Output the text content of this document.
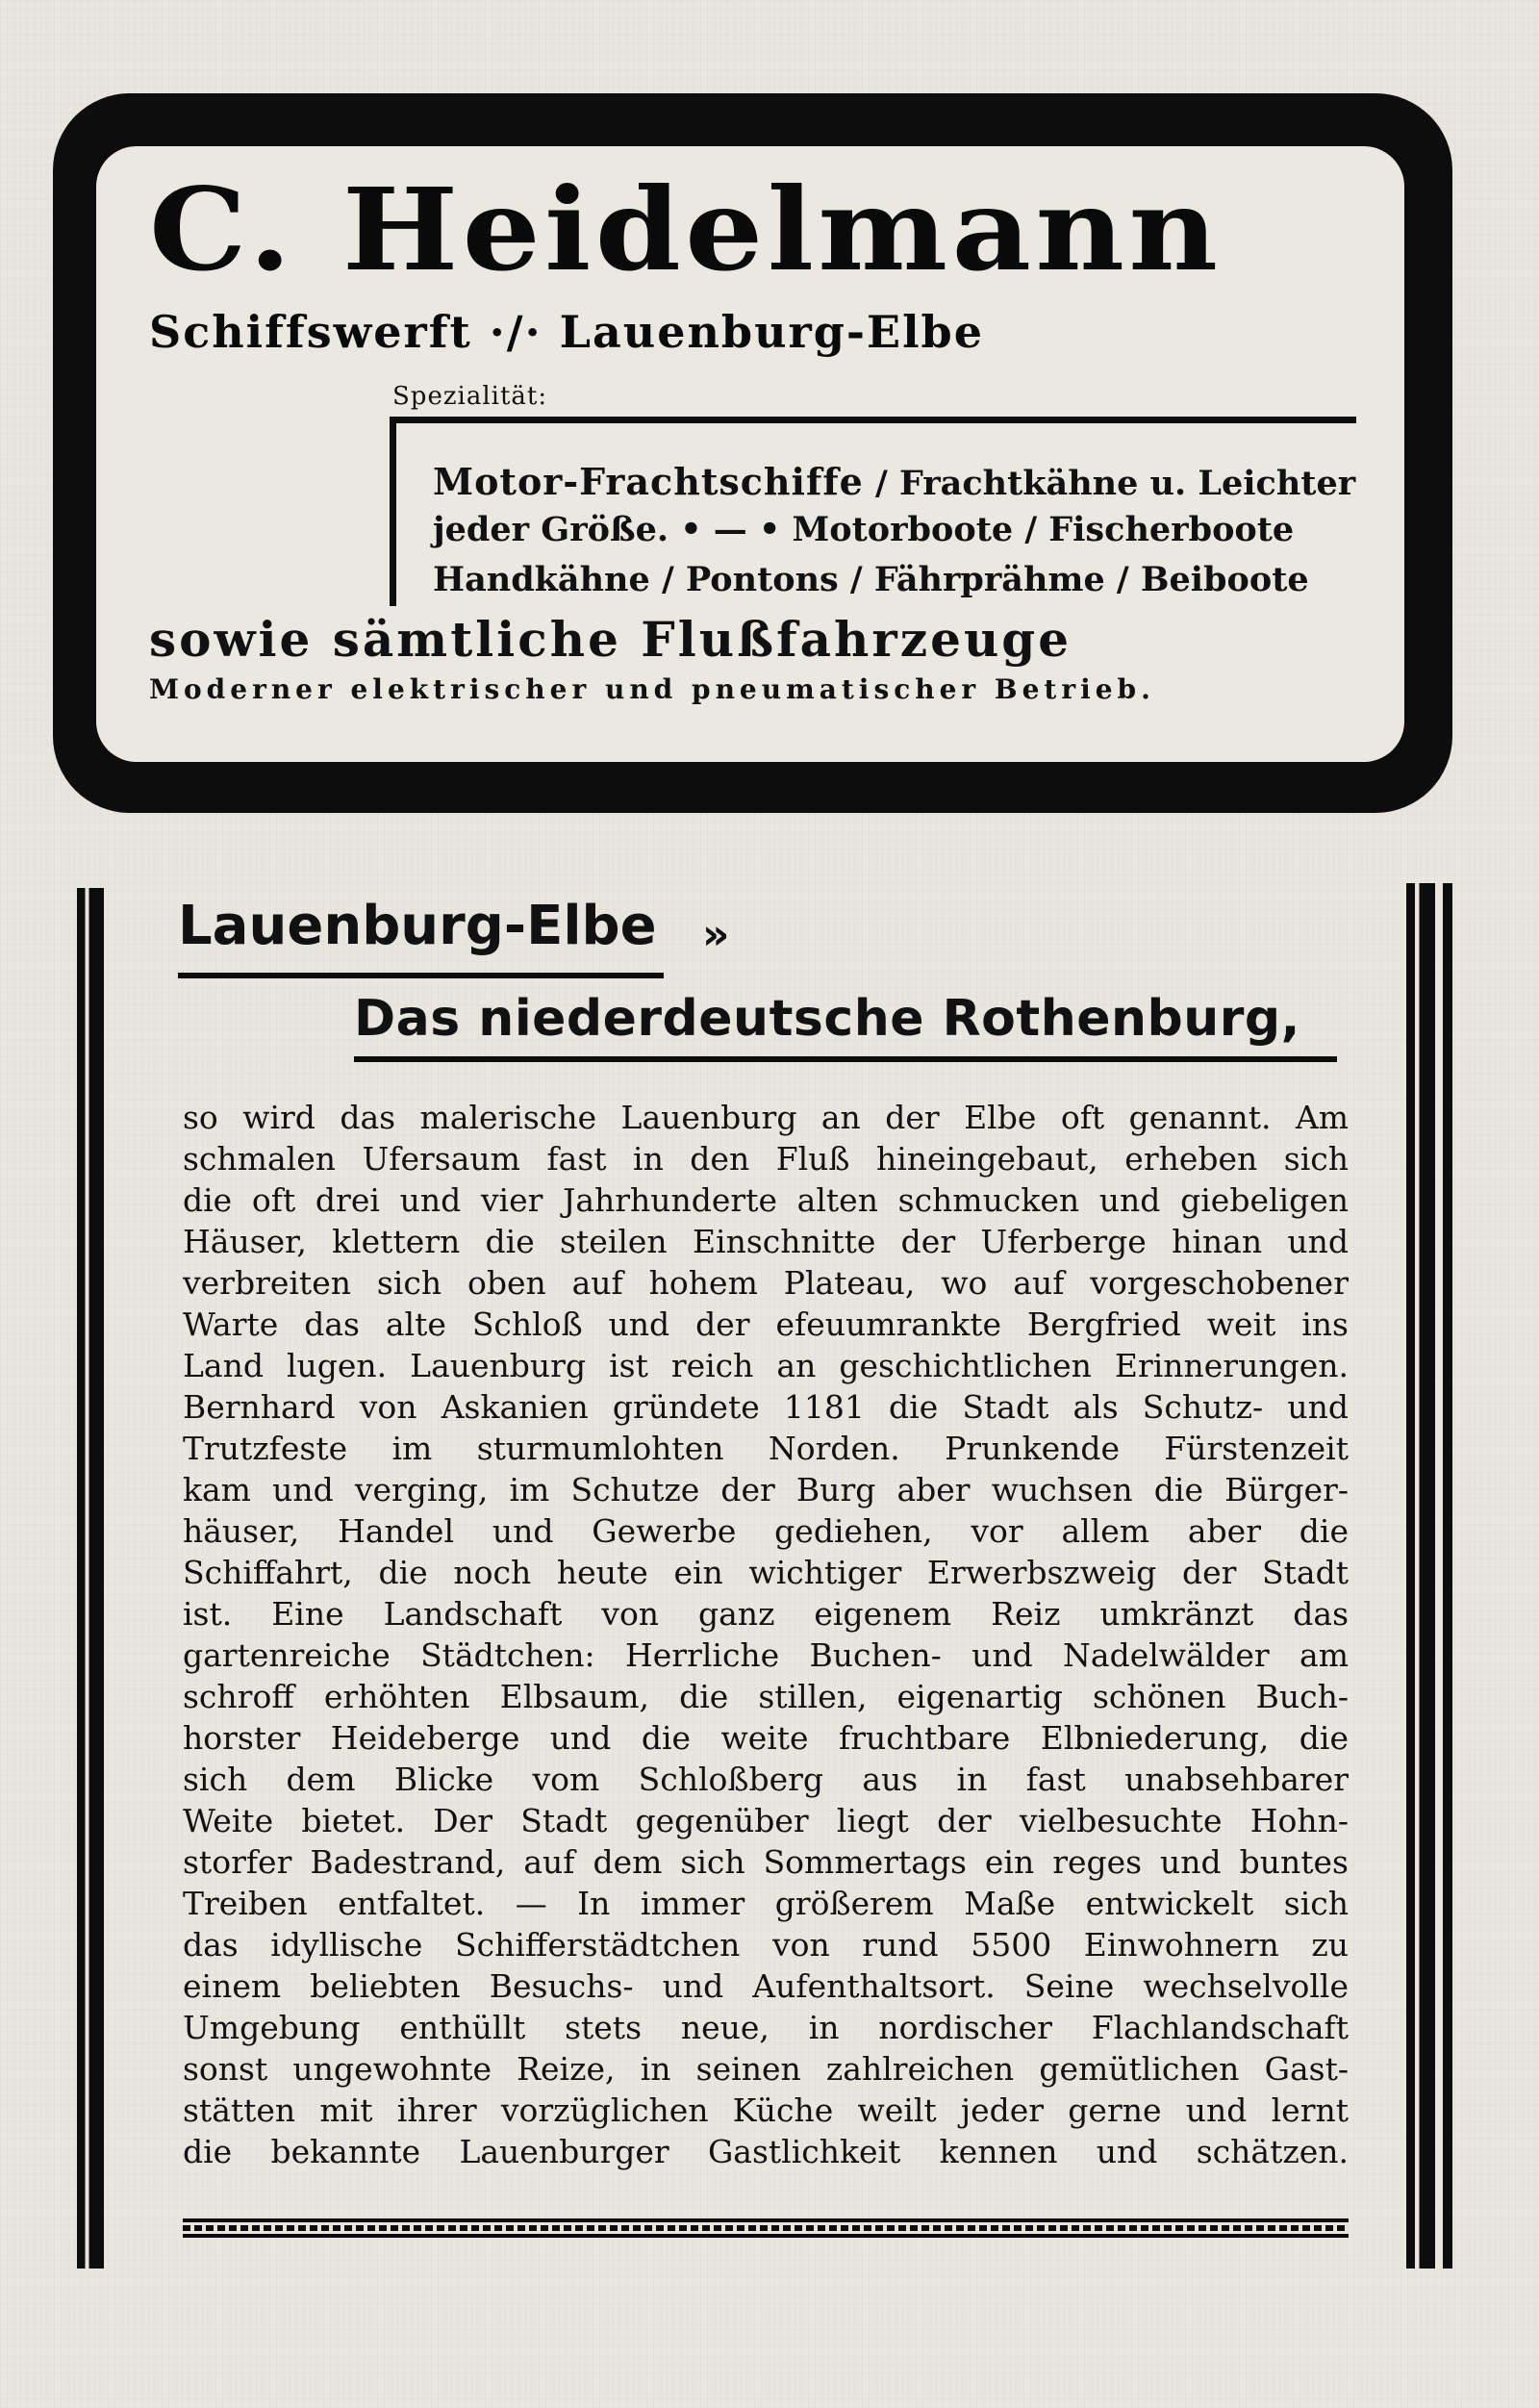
C. Heidelmann
Schiffswerft ·/· Lauenburg-Elbe
Spezialität:

Motor-Frachtschiffe / Frachtkähne u. Leichter

jeder Größe. • — • Motorboote / Fischerboote

Handkähne / Pontons / Fährprähme / Beiboote

sowie sämtliche Flußfahrzeuge

Moderner elektrischer und pneumatischer Betrieb.

Lauenburg-Elbe »
Das niederdeutsche Rothenburg,
so wird das malerische Lauenburg an der Elbe oft genannt. Am
schmalen Ufersaum fast in den Fluß hineingebaut, erheben sich
die oft drei und vier Jahrhunderte alten schmucken und giebeligen
Häuser, klettern die steilen Einschnitte der Uferberge hinan und
verbreiten sich oben auf hohem Plateau, wo auf vorgeschobener
Warte das alte Schloß und der efeuumrankte Bergfried weit ins
Land lugen. Lauenburg ist reich an geschichtlichen Erinnerungen.
Bernhard von Askanien gründete 1181 die Stadt als Schutz- und
Trutzfeste im sturmumlohten Norden. Prunkende Fürstenzeit
kam und verging, im Schutze der Burg aber wuchsen die Bürger-
häuser, Handel und Gewerbe gediehen, vor allem aber die
Schiffahrt, die noch heute ein wichtiger Erwerbszweig der Stadt
ist. Eine Landschaft von ganz eigenem Reiz umkränzt das
gartenreiche Städtchen: Herrliche Buchen- und Nadelwälder am
schroff erhöhten Elbsaum, die stillen, eigenartig schönen Buch-
horster Heideberge und die weite fruchtbare Elbniederung, die
sich dem Blicke vom Schloßberg aus in fast unabsehbarer
Weite bietet. Der Stadt gegenüber liegt der vielbesuchte Hohn-
storfer Badestrand, auf dem sich Sommertags ein reges und buntes
Treiben entfaltet. — In immer größerem Maße entwickelt sich
das idyllische Schifferstädtchen von rund 5500 Einwohnern zu
einem beliebten Besuchs- und Aufenthaltsort. Seine wechselvolle
Umgebung enthüllt stets neue, in nordischer Flachlandschaft
sonst ungewohnte Reize, in seinen zahlreichen gemütlichen Gast-
stätten mit ihrer vorzüglichen Küche weilt jeder gerne und lernt
die bekannte Lauenburger Gastlichkeit kennen und schätzen.
